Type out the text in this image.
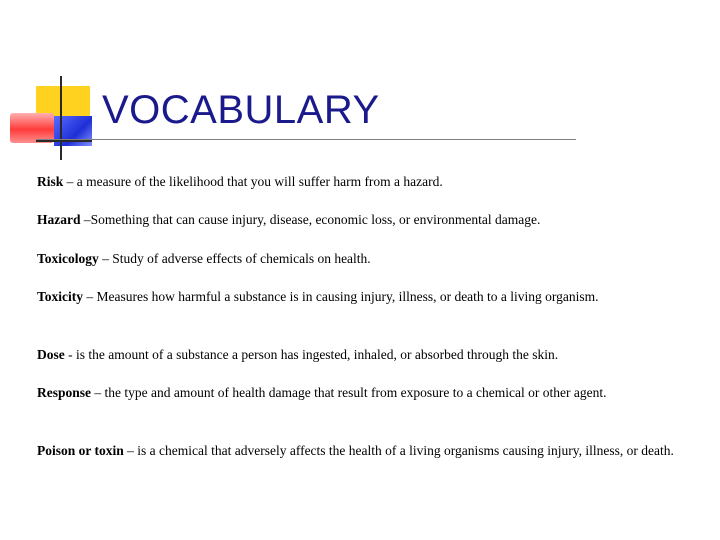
VOCABULARY

Risk – a measure of the likelihood that you will suffer harm from a hazard.

Hazard –Something that can cause injury, disease, economic loss, or environmental damage.

Toxicology – Study of adverse effects of chemicals on health.

Toxicity – Measures how harmful a substance is in causing injury, illness, or death to a living organism.

Dose - is the amount of a substance a person has ingested, inhaled, or absorbed through the skin.

Response – the type and amount of health damage that result from exposure to a chemical or other agent.

Poison or toxin – is a chemical that adversely affects the health of a living organisms causing injury, illness, or death.
